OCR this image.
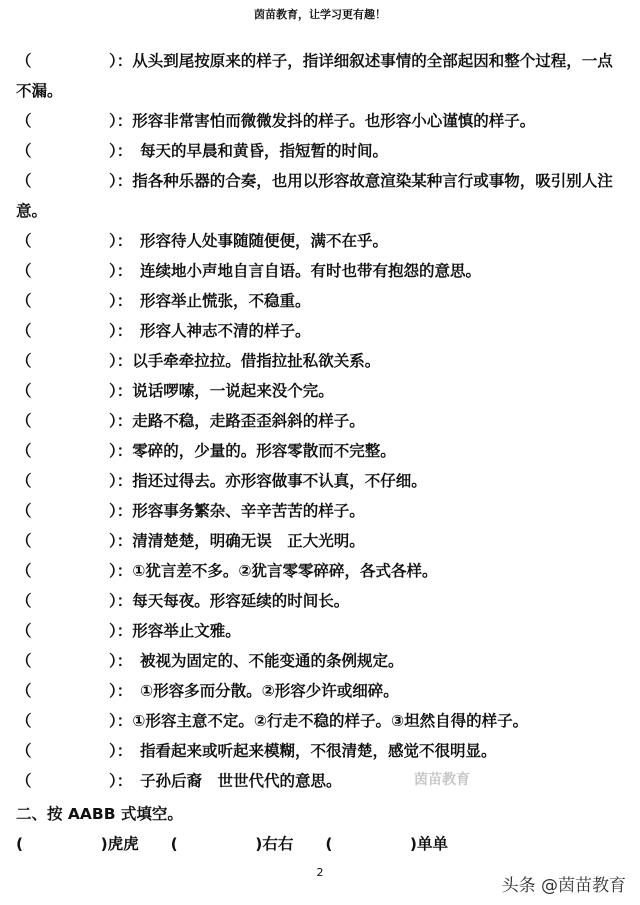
茵苗教育，让学习更有趣！
（　　　　　）：从头到尾按原来的样子，指详细叙述事情的全部起因和整个过程，一点不漏。
（　　　　　）：形容非常害怕而微微发抖的样子。也形容小心谨慎的样子。
（　　　　　）：　每天的早晨和黄昏，指短暂的时间。
（　　　　　）：指各种乐器的合奏，也用以形容故意渲染某种言行或事物，吸引别人注意。
（　　　　　）：　形容待人处事随随便便，满不在乎。
（　　　　　）：　连续地小声地自言自语。有时也带有抱怨的意思。
（　　　　　）：　形容举止慌张，不稳重。
（　　　　　）：　形容人神志不清的样子。
（　　　　　）：以手牵牵拉拉。借指拉扯私欲关系。
（　　　　　）：说话啰嗦，一说起来没个完。
（　　　　　）：走路不稳，走路歪歪斜斜的样子。
（　　　　　）：零碎的，少量的。形容零散而不完整。
（　　　　　）：指还过得去。亦形容做事不认真，不仔细。
（　　　　　）：形容事务繁杂、辛辛苦苦的样子。
（　　　　　）：清清楚楚，明确无误　正大光明。
（　　　　　）：①犹言差不多。②犹言零零碎碎，各式各样。
（　　　　　）：每天每夜。形容延续的时间长。
（　　　　　）：形容举止文雅。
（　　　　　）：　被视为固定的、不能变通的条例规定。
（　　　　　）：　①形容多而分散。②形容少许或细碎。
（　　　　　）：①形容主意不定。②行走不稳的样子。③坦然自得的样子。
（　　　　　）：　指看起来或听起来模糊，不很清楚，感觉不很明显。
（　　　　　）：　子孙后裔　世世代代的意思。	茵苗教育
二、按 AABB 式填空。
(　　　　　)虎虎 (　　　　　)右右 (　　　　　)单单
2
头条 @茵苗教育
